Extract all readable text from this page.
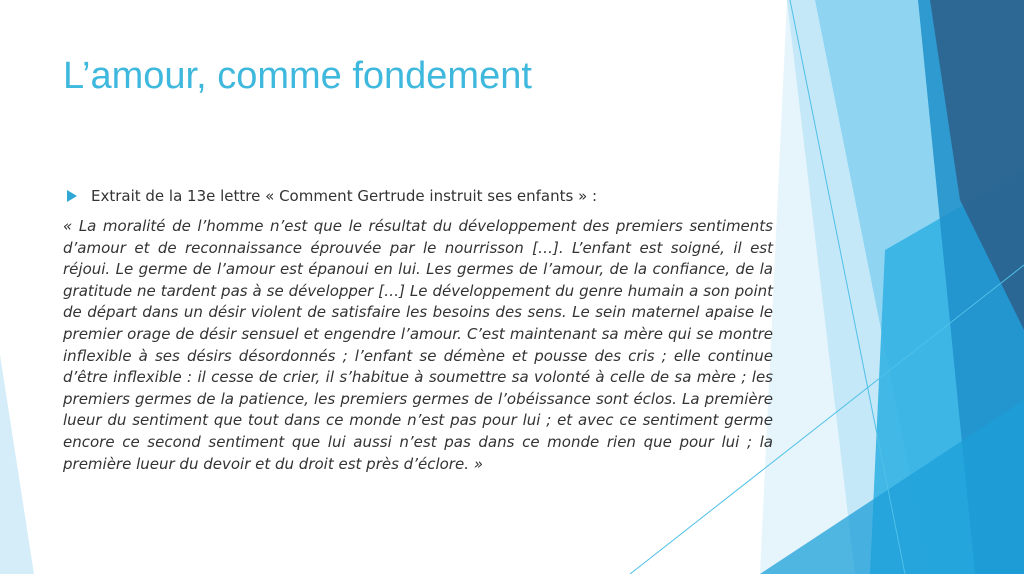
L’amour, comme fondement
Extrait de la 13e lettre « Comment Gertrude instruit ses enfants » :

« La moralité de l’homme n’est que le résultat du développement des premiers sentiments d’amour et de reconnaissance éprouvée par le nourrisson […]. L’enfant est soigné, il est réjoui. Le germe de l’amour est épanoui en lui. Les germes de l’amour, de la confiance, de la gratitude ne tardent pas à se développer […] Le développement du genre humain a son point de départ dans un désir violent de satisfaire les besoins des sens. Le sein maternel apaise le premier orage de désir sensuel et engendre l’amour. C’est maintenant sa mère qui se montre inflexible à ses désirs désordonnés ; l’enfant se démène et pousse des cris ; elle continue d’être inflexible : il cesse de crier, il s’habitue à soumettre sa volonté à celle de sa mère ; les premiers germes de la patience, les premiers germes de l’obéissance sont éclos. La première lueur du sentiment que tout dans ce monde n’est pas pour lui ; et avec ce sentiment germe encore ce second sentiment que lui aussi n’est pas dans ce monde rien que pour lui ; la première lueur du devoir et du droit est près d’éclore. »
